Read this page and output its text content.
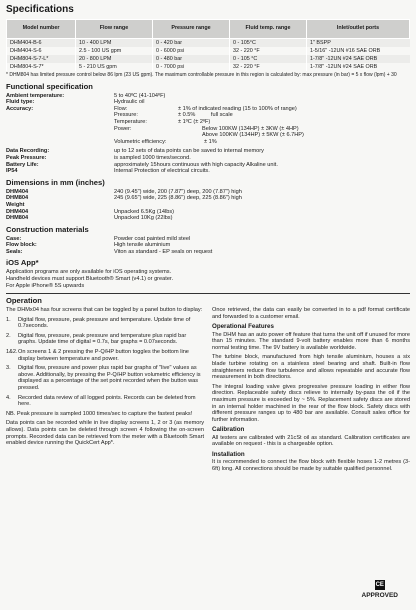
Specifications
Model number	Flow range	Pressure range	Fluid temp. range	Inlet/outlet ports
DHM404-B-6	10 - 400 LPM	0 - 420 bar	0 - 105°C	1" BSPP
DHM404-S-6	2.5 - 100 US gpm	0 - 6000 psi	32 - 220 °F	1-5/16" -12UN #16 SAE ORB
DHM804-S-7-L*	20 - 800 LPM	0 - 480 bar	0 - 105 °C	1-7/8" -12UN #24 SAE ORB
DHM804-S-7*	5 - 210 US gpm	0 - 7000 psi	32 - 220 °F	1-7/8" -12UN #24 SAE ORB

* DHM804 has limited pressure control below 86 lpm (23 US gpm). The maximum controllable pressure in this region is calculated by: max pressure (in bar) = 5 x flow (lpm) + 30

Functional specification
Ambient temperature:	5 to 40ºC (41-104ºF)
Fluid type:	Hydraulic oil
Accuracy:	Flow:	± 1% of indicated reading (15 to 100% of range)
Pressure:	± 0.5%          full scale
Temperature:	± 1ºC (± 2ºF)
Power:	Below 100KW (134HP) ± 3KW (± 4HP)
Above 100KW (134HP) ± 5KW (± 6.7HP)
Volumetric efficiency:	± 1%
Data Recording:	up to 12 sets of data points can be saved to internal memory
Peak Pressure:	is sampled 1000 times/second.
Battery Life:	approximately 15hours continuous with high capacity Alkaline unit.
IP54	Internal Protection of electrical circuits.
Dimensions in mm (inches)
DHM404	240 (9.45") wide, 200 (7.87") deep, 200 (7.87") high
DHM804	245 (9.65") wide, 225 (8.86") deep, 225 (8.86") high
Weight
DHM404	Unpacked 6.5Kg (14lbs)
DHM804	Unpacked 10Kg (22lbs)
Construction materials
Case:	Powder coat painted mild steel
Flow block:	High tensile aluminium
Seals:	Viton as standard - EP seals on request
iOS App*
Application programs are only available for iOS operating systems.
Handheld devices must support Bluetooth® Smart (v4.1) or greater.
For Apple iPhone® 5S upwards
Operation

The DHMx04 has four screens that can be toggled by a panel button to display:

1.	Digital flow, pressure, peak pressure and temperature. Update time of 0.7seconds.
2.	Digital flow, pressure, peak pressure and temperature plus rapid bar graphs. Update time of digital = 0.7s, bar graphs = 0.07seconds.
1&2. On screens 1 & 2 pressing the P-Q/HP button toggles the bottom line display between temperature and power.
3.	Digital flow, pressure and power plus rapid bar graphs of "live" values as above. Additionally, by pressing the P-Q/HP button volumetric efficiency is displayed as a percentage of the set point recorded when the button was pressed.
4.	Recorded data review of all logged points. Records can be deleted from here.

NB. Peak pressure is sampled 1000 times/sec to capture the fastest peaks!

Data points can be recorded while in live display screens 1, 2 or 3 (as memory allows). Data points can be deleted through screen 4 following the on-screen prompts. Recorded data can be retrieved from the meter with a Bluetooth Smart enabled device running the QuickCert App*.

Once retrieved, the data can easily be converted in to a pdf format certificate and forwarded to a customer email.

Operational Features

The DHM has an auto power off feature that turns the unit off if unused for more than 15 minutes. The standard 9-volt battery enables more than 6 months normal testing time. The 9V battery is available worldwide.

The turbine block, manufactured from high tensile aluminium, houses a six blade turbine rotating on a stainless steel bearing and shaft. Built-in flow straighteners reduce flow turbulence and allows repeatable and accurate flow measurement in both directions.

The integral loading valve gives progressive pressure loading in either flow direction. Replaceable safety discs relieve to internally by-pass the oil if the maximum pressure is exceeded by ~ 5%. Replacement safety discs are stored in an internal holder machined in the rear of the flow block. Safety discs with different pressure ranges up to 480 bar are available. Consult sales office for further information.

Calibration

All testers are calibrated with 21cSt oil as standard. Calibration certificates are available on request - this is a chargeable option.

Installation

It is recommended to connect the flow block with flexible hoses 1-2 metres (3-6ft) long. All connections should be made by suitable qualified personnel.

CE
APPROVED
